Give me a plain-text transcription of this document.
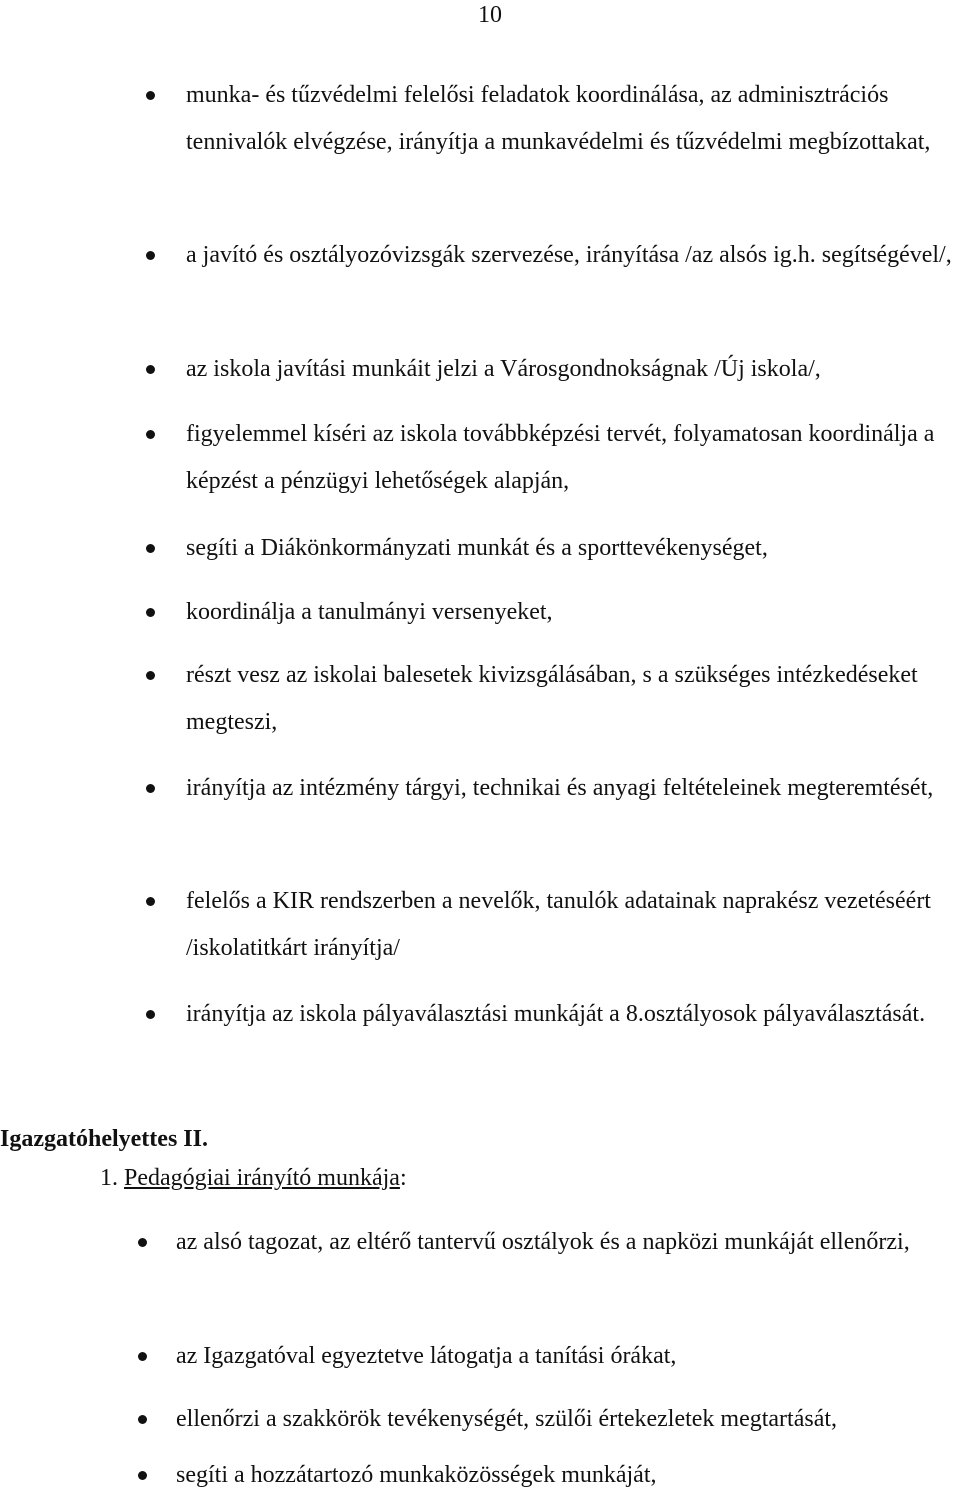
10
munka- és tűzvédelmi felelősi feladatok koordinálása, az adminisztrációs tennivalók elvégzése, irányítja a munkavédelmi és tűzvédelmi megbízottakat,
a javító és osztályozóvizsgák szervezése, irányítása /az alsós ig.h. segítségével/,
az iskola javítási munkáit jelzi a Városgondnokságnak /Új iskola/,
figyelemmel kíséri az iskola továbbképzési tervét, folyamatosan koordinálja a képzést a pénzügyi lehetőségek alapján,
segíti a Diákönkormányzati munkát és a sporttevékenységet,
koordinálja a tanulmányi versenyeket,
részt vesz az iskolai balesetek kivizsgálásában, s a szükséges intézkedéseket megteszi,
irányítja az intézmény tárgyi, technikai és anyagi feltételeinek megteremtését,
felelős a KIR rendszerben a nevelők, tanulók adatainak naprakész vezetéséért /iskolatitkárt irányítja/
irányítja az iskola pályaválasztási munkáját a 8.osztályosok pályaválasztását.
Igazgatóhelyettes II.
1. Pedagógiai irányító munkája:
az alsó tagozat, az eltérő tantervű osztályok és a napközi munkáját ellenőrzi,
az Igazgatóval egyeztetve látogatja a tanítási órákat,
ellenőrzi a szakkörök tevékenységét, szülői értekezletek megtartását,
segíti a hozzátartozó munkaközösségek munkáját,
